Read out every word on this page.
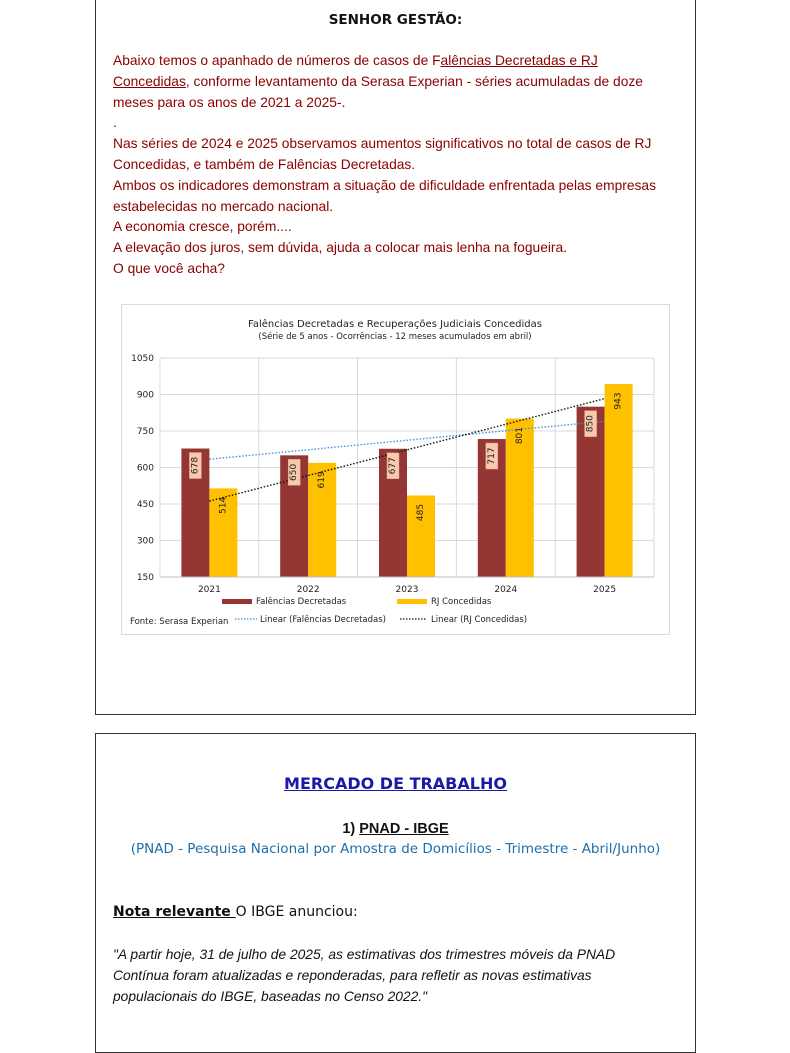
SENHOR GESTÃO:

Abaixo temos o apanhado de números de casos de Falências Decretadas e RJ Concedidas, conforme levantamento da Serasa Experian - séries acumuladas de doze meses para os anos de 2021 a 2025-.

.

Nas séries de 2024 e 2025 observamos aumentos significativos no total de casos de RJ Concedidas, e também de Falências Decretadas.

Ambos os indicadores demonstram a situação de dificuldade enfrentada pelas empresas estabelecidas no mercado nacional.

A economia cresce, porém....

A elevação dos juros, sem dúvida, ajuda a colocar mais lenha na fogueira.

O que você acha?

Falências Decretadas e Recuperações Judiciais Concedidas
(Série de 5 anos - Ocorrências - 12 meses acumulados em abril)
678	650	677
717
850
514
619
485
801
943
150
300
450
600
750
900
1050
2021	2022	2023	2024	2025
Falências Decretadas	RJ Concedidas
Linear (Falências Decretadas)	Linear (RJ Concedidas)
Fonte: Serasa Experian
MERCADO DE TRABALHO
1) PNAD - IBGE
(PNAD - Pesquisa Nacional por Amostra de Domicílios - Trimestre - Abril/Junho)
Nota relevante O IBGE anunciou:
"A partir hoje, 31 de julho de 2025, as estimativas dos trimestres móveis da PNAD Contínua foram atualizadas e reponderadas, para refletir as novas estimativas populacionais do IBGE, baseadas no Censo 2022."
